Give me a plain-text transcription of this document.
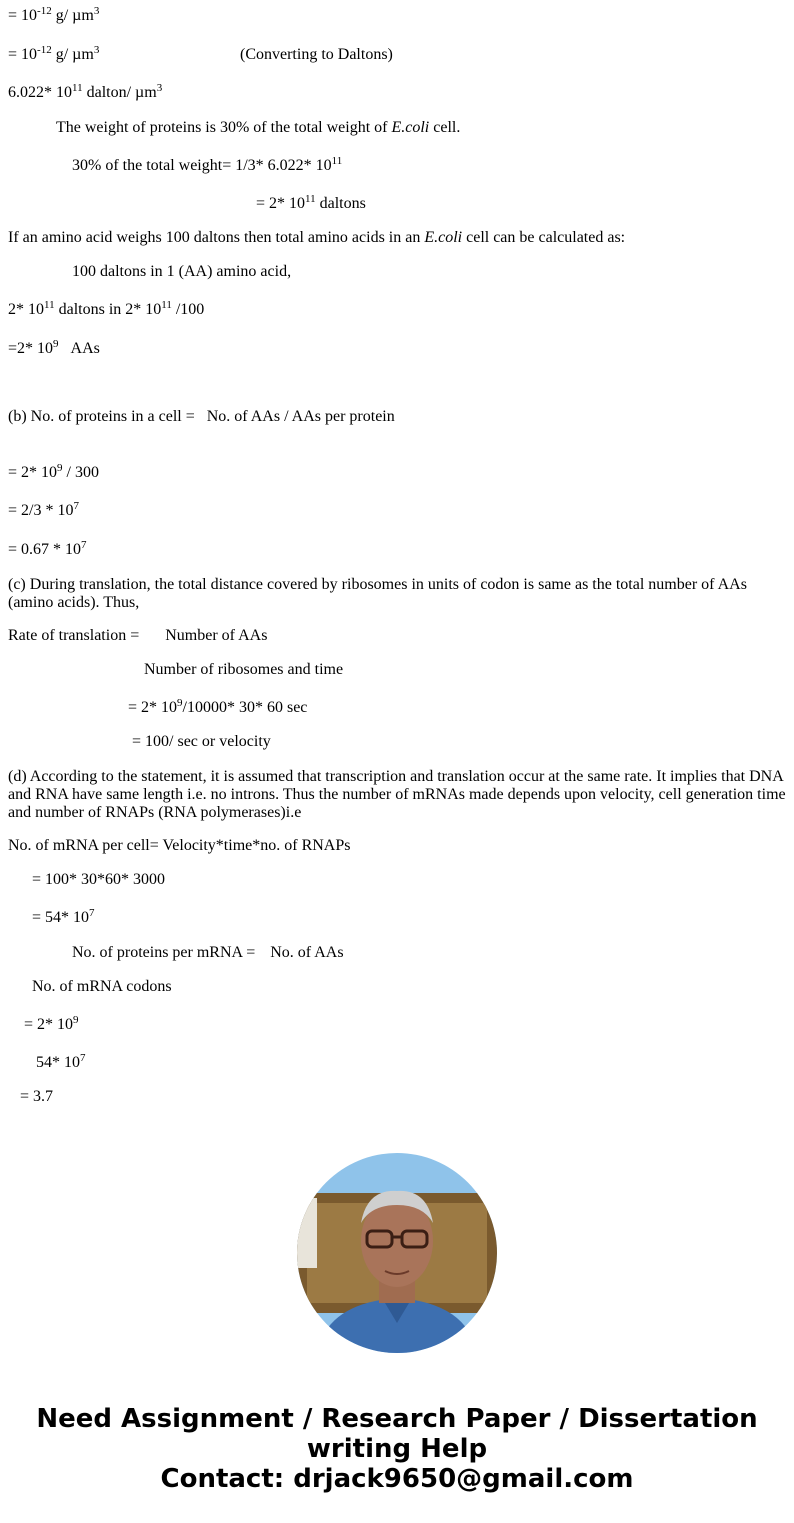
= $10^{-12}$ g/ µm$^3$
= $10^{-12}$ g/ µm$^3$	(Converting to Daltons)
6.022* $10^{11}$ dalton/ µm$^3$
The weight of proteins is 30% of the total weight of E.coli cell.
30% of the total weight= 1/3* 6.022* $10^{11}$
= 2* $10^{11}$ daltons
If an amino acid weighs 100 daltons then total amino acids in an E.coli cell can be calculated as:
100 daltons in 1 (AA) amino acid,
2* $10^{11}$ daltons in 2* $10^{11}$ /100
=2* $10^9$ AAs
(b) No. of proteins in a cell = No. of AAs / AAs per protein
= 2* $10^9 / 300$
= $2/3 * 10^7$
= $0.67 * 10^7$
(c) During translation, the total distance covered by ribosomes in units of codon is same as the total number of AAs (amino acids). Thus,
Rate of translation = Number of AAs
Number of ribosomes and time
= 2* $10^9/10000*$ 30* 60 sec
= 100/ sec or velocity
(d) According to the statement, it is assumed that transcription and translation occur at the same rate. It implies that DNA and RNA have same length i.e. no introns. Thus the number of mRNAs made depends upon velocity, cell generation time and number of RNAPs (RNA polymerases)i.e
No. of mRNA per cell= Velocity*time*no. of RNAPs
= 100* 30*60* 3000
= 54* $10^7$
No. of proteins per mRNA = No. of AAs
No. of mRNA codons
= 2* $10^9$
54* $10^7$
= 3.7
Need Assignment / Research Paper / Dissertation
writing Help
Contact: drjack9650@gmail.com
